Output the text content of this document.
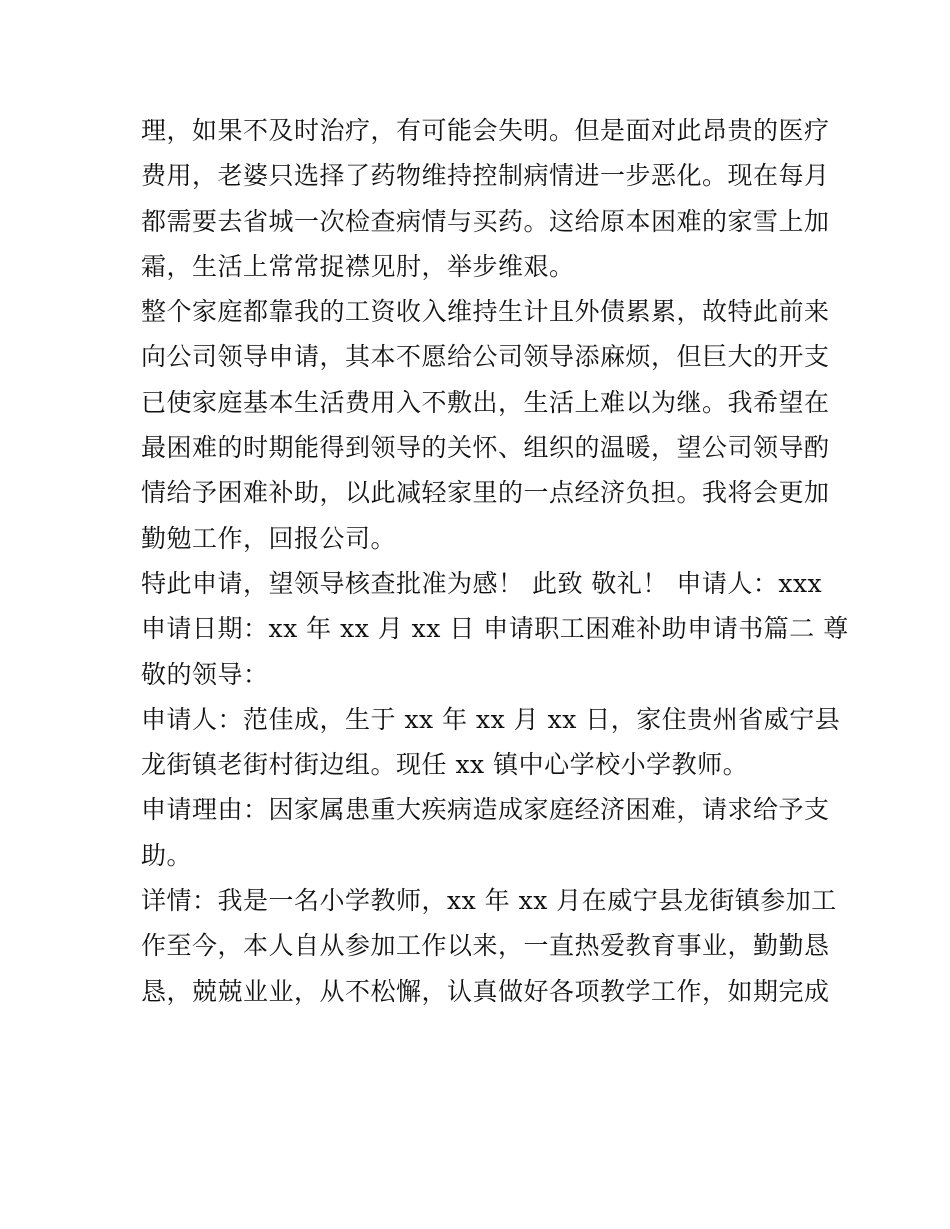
理，如果不及时治疗，有可能会失明。但是面对此昂贵的医疗
费用，老婆只选择了药物维持控制病情进一步恶化。现在每月
都需要去省城一次检查病情与买药。这给原本困难的家雪上加
霜，生活上常常捉襟见肘，举步维艰。
整个家庭都靠我的工资收入维持生计且外债累累，故特此前来
向公司领导申请，其本不愿给公司领导添麻烦，但巨大的开支
已使家庭基本生活费用入不敷出，生活上难以为继。我希望在
最困难的时期能得到领导的关怀、组织的温暖，望公司领导酌
情给予困难补助，以此减轻家里的一点经济负担。我将会更加
勤勉工作，回报公司。
特此申请，望领导核查批准为感！ 此致 敬礼！ 申请人：xxx
申请日期：xx 年 xx 月 xx 日 申请职工困难补助申请书篇二 尊
敬的领导：
申请人：范佳成，生于 xx 年 xx 月 xx 日，家住贵州省威宁县
龙街镇老街村街边组。现任 xx 镇中心学校小学教师。
申请理由：因家属患重大疾病造成家庭经济困难，请求给予支
助。
详情：我是一名小学教师，xx 年 xx 月在威宁县龙街镇参加工
作至今，本人自从参加工作以来，一直热爱教育事业，勤勤恳
恳，兢兢业业，从不松懈，认真做好各项教学工作，如期完成
